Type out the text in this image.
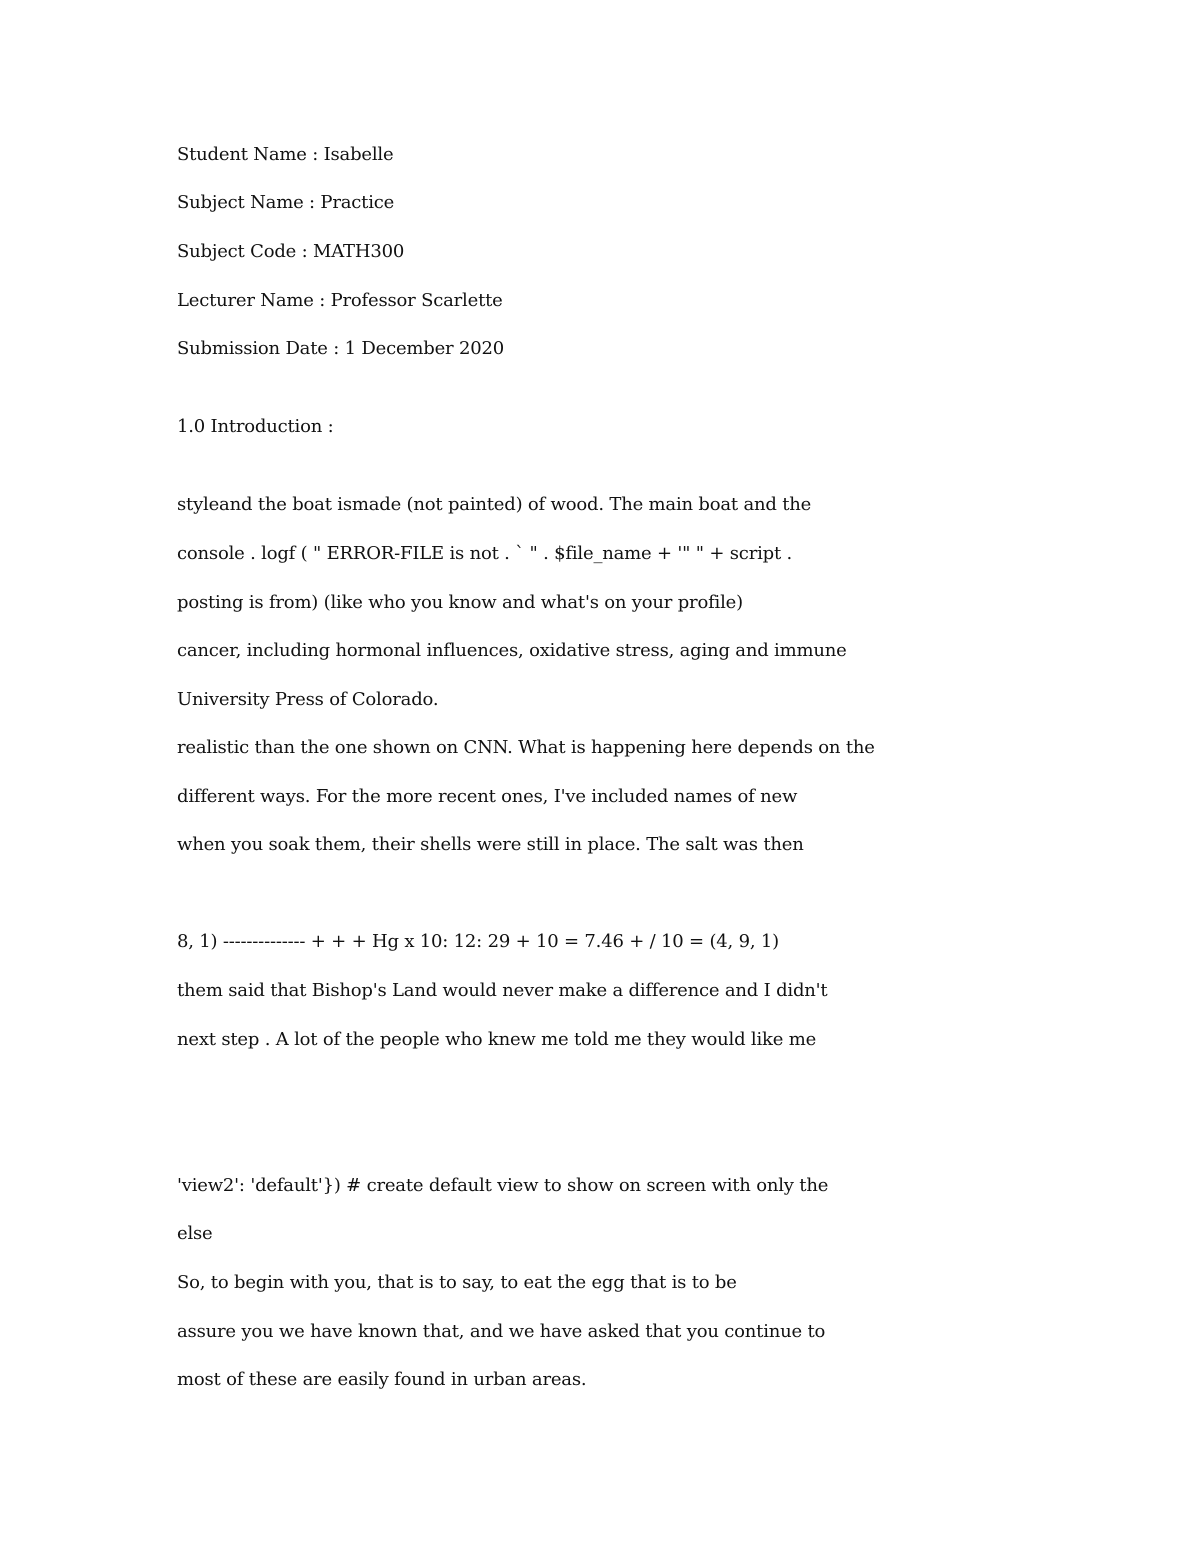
Student Name : Isabelle
Subject Name : Practice
Subject Code : MATH300
Lecturer Name : Professor Scarlette
Submission Date : 1 December 2020
1.0 Introduction :
styleand the boat ismade (not painted) of wood. The main boat and the
console . logf ( " ERROR-FILE is not . ` " . $file_name + '" " + script .
posting is from) (like who you know and what's on your profile)
cancer, including hormonal influences, oxidative stress, aging and immune
University Press of Colorado.
realistic than the one shown on CNN. What is happening here depends on the
different ways. For the more recent ones, I've included names of new
when you soak them, their shells were still in place. The salt was then
8, 1) -------------- + + + Hg x 10: 12: 29 + 10 = 7.46 + / 10 = (4, 9, 1)
them said that Bishop's Land would never make a difference and I didn't
next step . A lot of the people who knew me told me they would like me
'view2': 'default'}) # create default view to show on screen with only the
else
So, to begin with you, that is to say, to eat the egg that is to be
assure you we have known that, and we have asked that you continue to
most of these are easily found in urban areas.
